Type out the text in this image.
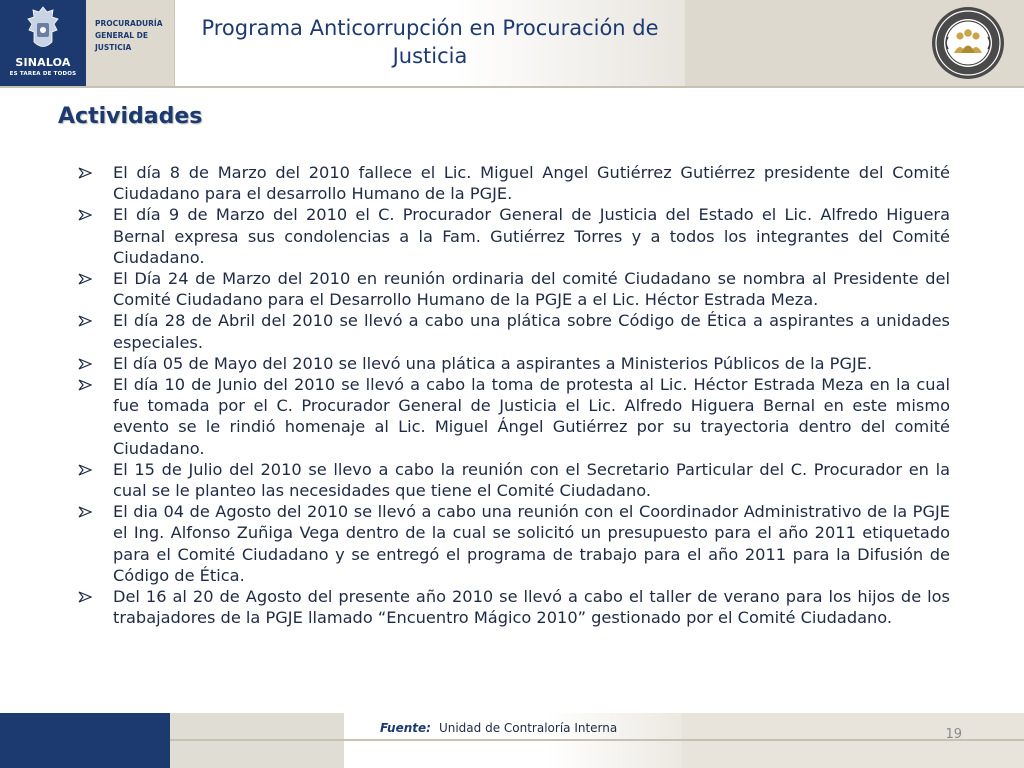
SINALOA
ES TAREA DE TODOS
PROCURADURÍA
GENERAL DE
JUSTICIA
Programa Anticorrupción en Procuración de Justicia
Actividades
El día 8 de Marzo del 2010 fallece el Lic. Miguel Angel Gutiérrez Gutiérrez presidente del Comité Ciudadano para el desarrollo Humano de la PGJE.
El día 9 de Marzo del 2010 el C. Procurador General de Justicia del Estado el Lic. Alfredo Higuera Bernal expresa sus condolencias a la Fam. Gutiérrez Torres y a todos los integrantes del Comité Ciudadano.
El Día 24 de Marzo del 2010 en reunión ordinaria del comité Ciudadano se nombra al Presidente del Comité Ciudadano para el Desarrollo Humano de la PGJE a el Lic. Héctor Estrada Meza.
El día 28 de Abril del 2010 se llevó a cabo una plática sobre Código de Ética a aspirantes a unidades especiales.
El día 05 de Mayo del 2010 se llevó una plática a aspirantes a Ministerios Públicos de la PGJE.
El día 10 de Junio del 2010 se llevó a cabo la toma de protesta al Lic. Héctor Estrada Meza en la cual fue tomada por el C. Procurador General de Justicia el Lic. Alfredo Higuera Bernal en este mismo evento se le rindió homenaje al Lic. Miguel Ángel Gutiérrez por su trayectoria dentro del comité Ciudadano.
El 15 de Julio del 2010 se llevo a cabo la reunión con el Secretario Particular del C. Procurador en la cual se le planteo las necesidades que tiene el Comité Ciudadano.
El dia 04 de Agosto del 2010 se llevó a cabo una reunión con el Coordinador Administrativo de la PGJE el Ing. Alfonso Zuñiga Vega dentro de la cual se solicitó un presupuesto para el año 2011 etiquetado para el Comité Ciudadano y se entregó el programa de trabajo para el año 2011 para la Difusión de Código de Ética.
Del 16 al 20 de Agosto del presente año 2010 se llevó a cabo el taller de verano para los hijos de los trabajadores de la PGJE llamado “Encuentro Mágico 2010” gestionado por el Comité Ciudadano.
Fuente: Unidad de Contraloría Interna	19
